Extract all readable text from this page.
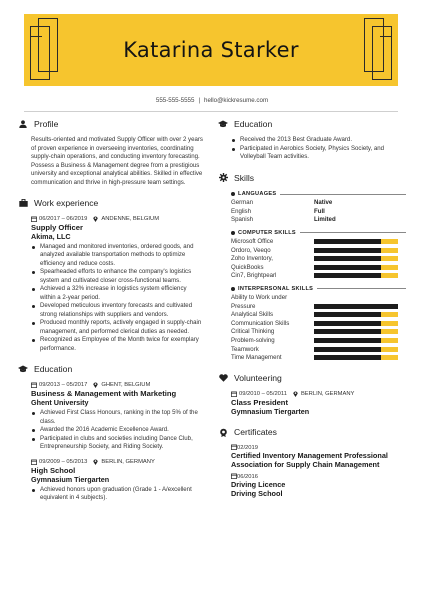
Katarina Starker
555-555-5555 | hello@kickresume.com
Profile
Results-oriented and motivated Supply Officer with over 2 years of proven experience in overseeing inventories, coordinating supply-chain operations, and conducting inventory forecasting. Possess a Business & Management degree from a prestigious university and exceptional analytical abilities. Skilled in effective communication and thrive in high-pressure team settings.
Work experience
06/2017 – 06/2019 ANDENNE, BELGIUM
Supply Officer
Akima, LLC
Managed and monitored inventories, ordered goods, and analyzed available transportation methods to optimize efficiency and reduce costs.
Spearheaded efforts to enhance the company's logistics system and cultivated closer cross-functional teams.
Achieved a 32% increase in logistics system efficiency within a 2-year period.
Developed meticulous inventory forecasts and cultivated strong relationships with suppliers and vendors.
Produced monthly reports, actively engaged in supply-chain management, and performed clerical duties as needed.
Recognized as Employee of the Month twice for exemplary performance.
Education
09/2013 – 05/2017 GHENT, BELGIUM
Business & Management with Marketing
Ghent University
Achieved First Class Honours, ranking in the top 5% of the class.
Awarded the 2016 Academic Excellence Award.
Participated in clubs and societies including Dance Club, Entrepreneurship Society, and Riding Society.
09/2009 – 05/2013 BERLIN, GERMANY
High School
Gymnasium Tiergarten
Achieved honors upon graduation (Grade 1 - A/excellent equivalent in 4 subjects).
Education
Received the 2013 Best Graduate Award.
Participated in Aerobics Society, Physics Society, and Volleyball Team activities.
Skills
LANGUAGES
German	Native
English	Full
Spanish	Limited
COMPUTER SKILLS
Microsoft Office
Ordoro, Veeqo
Zoho Inventory,
QuickBooks
Cin7, Brightpearl
INTERPERSONAL SKILLS
Ability to Work under
Pressure
Analytical Skills
Communication Skills
Critical Thinking
Problem-solving
Teamwork
Time Management
Volunteering
09/2010 – 05/2011 BERLIN, GERMANY
Class President
Gymnasium Tiergarten
Certificates
02/2019
Certified Inventory Management Professional
Association for Supply Chain Management
06/2016
Driving Licence
Driving School
